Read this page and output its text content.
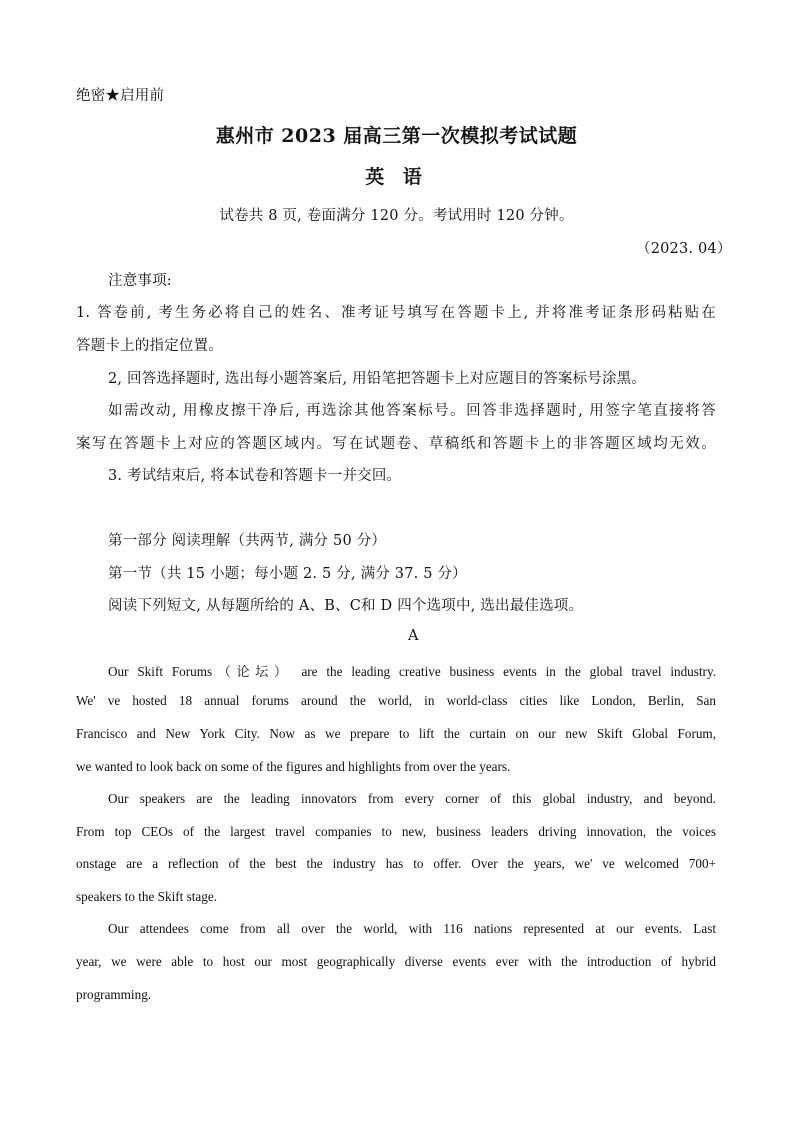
绝密★启用前
惠州市 2023 届高三第一次模拟考试试题
英 语
试卷共 8 页, 卷面满分 120 分。考试用时 120 分钟。
（2023. 04）
注意事项:
1. 答卷前, 考生务必将自己的姓名、准考证号填写在答题卡上, 并将准考证条形码粘贴在
答题卡上的指定位置。
2, 回答选择题时, 选出每小题答案后, 用铅笔把答题卡上对应题目的答案标号涂黑。
如需改动, 用橡皮擦干净后, 再选涂其他答案标号。回答非选择题时, 用签字笔直接将答
案写在答题卡上对应的答题区域内。写在试题卷、草稿纸和答题卡上的非答题区域均无效。
3. 考试结束后, 将本试卷和答题卡一并交回。
第一部分 阅读理解（共两节, 满分 50 分）
第一节（共 15 小题；每小题 2. 5 分, 满分 37. 5 分）
阅读下列短文, 从每题所给的 A、B、C和 D 四个选项中, 选出最佳选项。
A
Our Skift Forums（论坛） are the leading creative business events in the global travel industry.
We' ve hosted 18 annual forums around the world, in world-class cities like London, Berlin, San
Francisco and New York City. Now as we prepare to lift the curtain on our new Skift Global Forum,
we wanted to look back on some of the figures and highlights from over the years.
Our speakers are the leading innovators from every corner of this global industry, and beyond.
From top CEOs of the largest travel companies to new, business leaders driving innovation, the voices
onstage are a reflection of the best the industry has to offer. Over the years, we' ve welcomed 700+
speakers to the Skift stage.
Our attendees come from all over the world, with 116 nations represented at our events. Last
year, we were able to host our most geographically diverse events ever with the introduction of hybrid
programming.
